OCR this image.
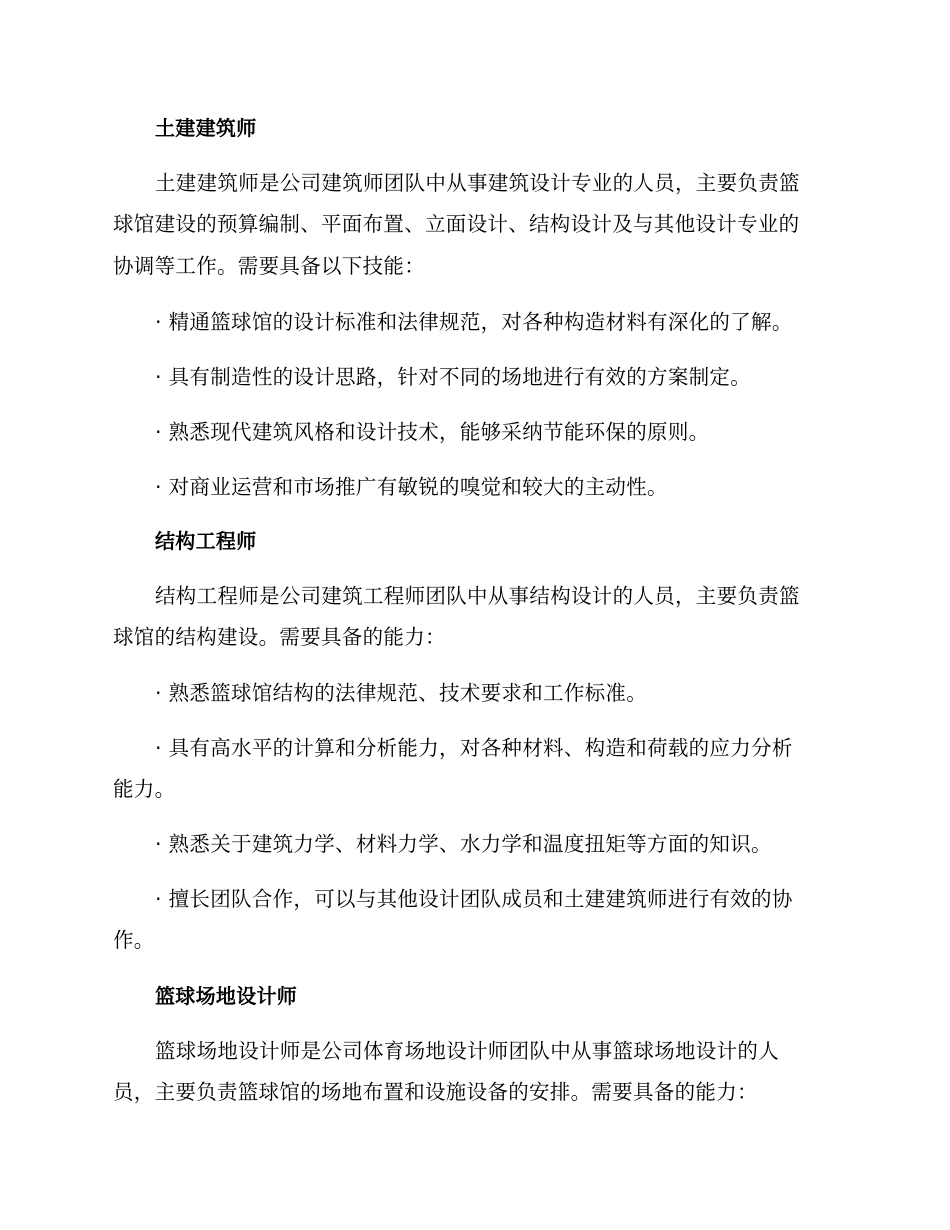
土建建筑师
土建建筑师是公司建筑师团队中从事建筑设计专业的人员，主要负责篮
球馆建设的预算编制、平面布置、立面设计、结构设计及与其他设计专业的
协调等工作。需要具备以下技能：
· 精通篮球馆的设计标准和法律规范，对各种构造材料有深化的了解。
· 具有制造性的设计思路，针对不同的场地进行有效的方案制定。
· 熟悉现代建筑风格和设计技术，能够采纳节能环保的原则。
· 对商业运营和市场推广有敏锐的嗅觉和较大的主动性。
结构工程师
结构工程师是公司建筑工程师团队中从事结构设计的人员，主要负责篮
球馆的结构建设。需要具备的能力：
· 熟悉篮球馆结构的法律规范、技术要求和工作标准。
· 具有高水平的计算和分析能力，对各种材料、构造和荷载的应力分析
能力。
· 熟悉关于建筑力学、材料力学、水力学和温度扭矩等方面的知识。
· 擅长团队合作，可以与其他设计团队成员和土建建筑师进行有效的协
作。
篮球场地设计师
篮球场地设计师是公司体育场地设计师团队中从事篮球场地设计的人
员，主要负责篮球馆的场地布置和设施设备的安排。需要具备的能力：
